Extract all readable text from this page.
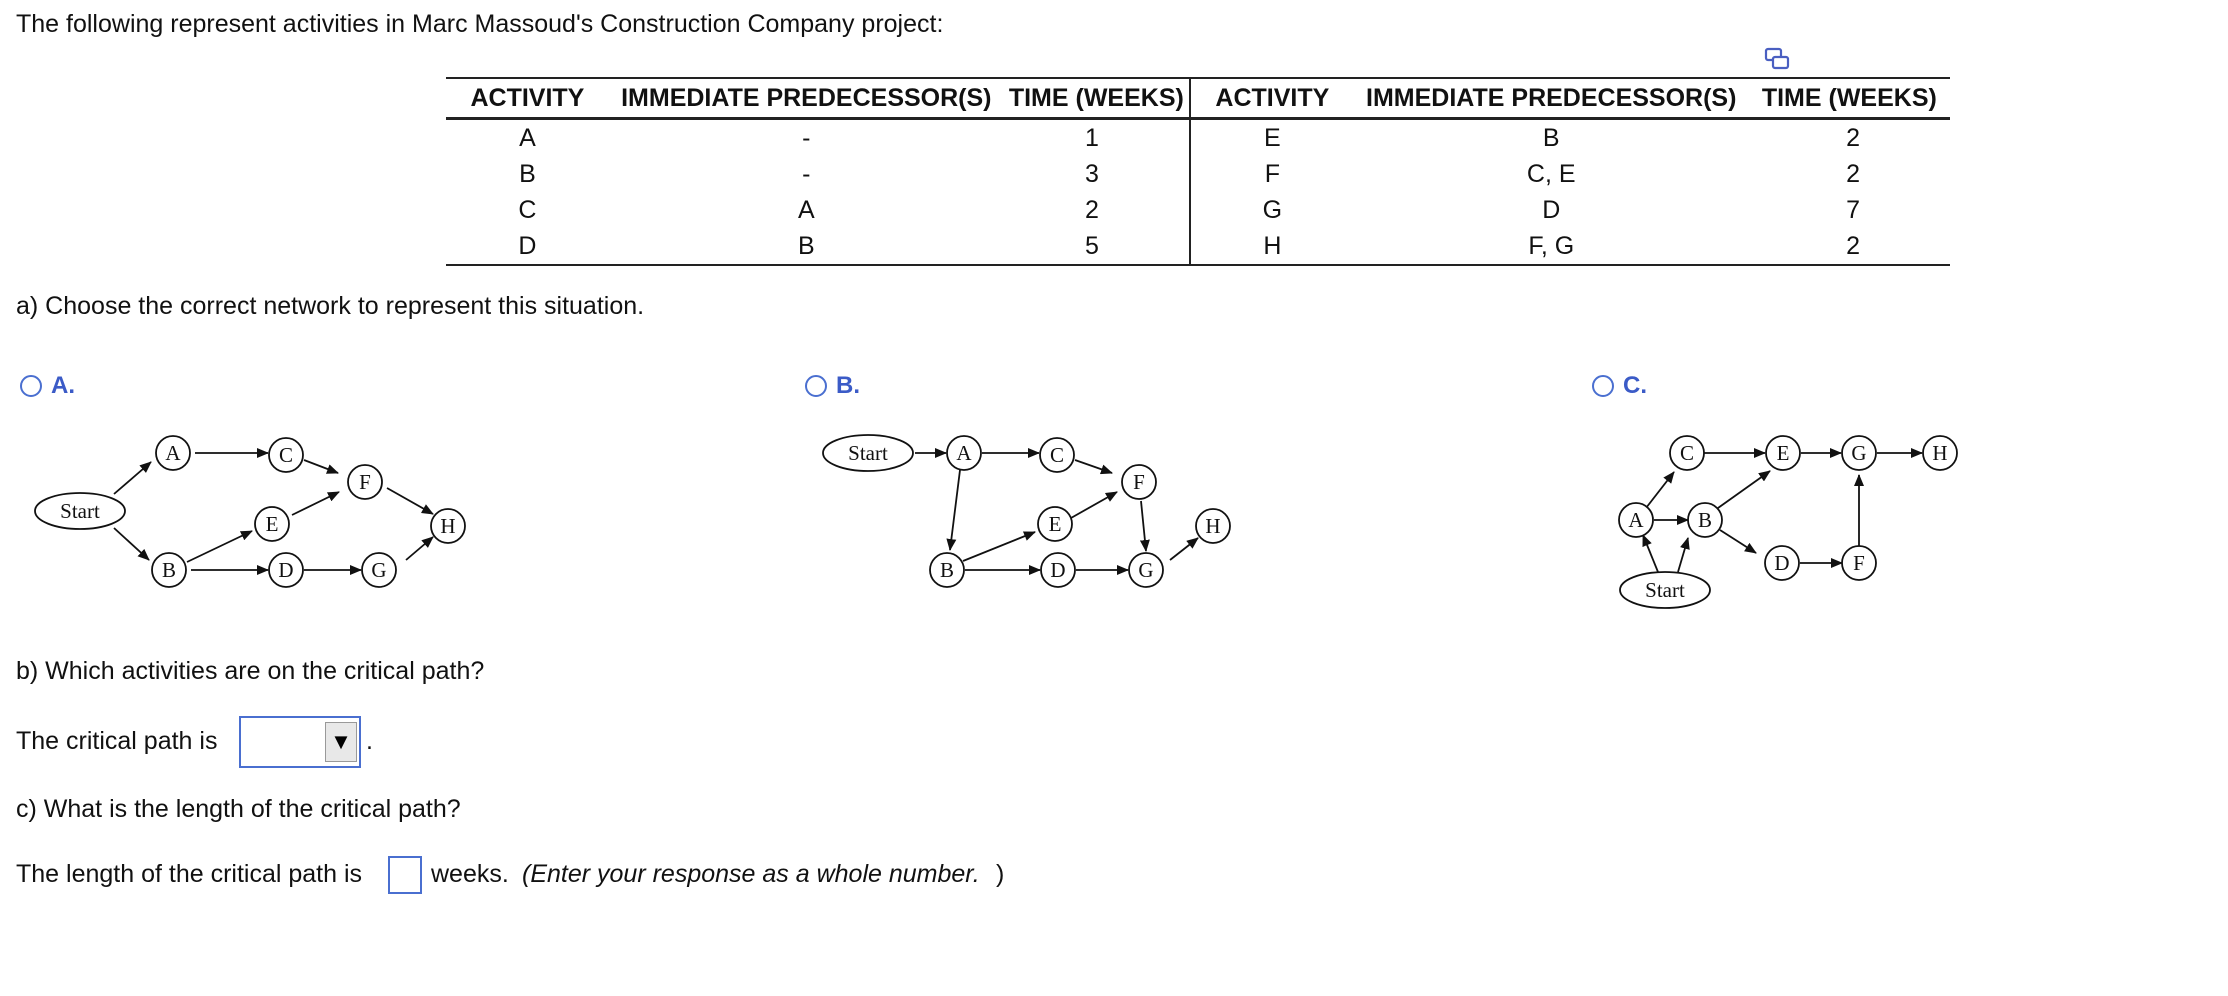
The following represent activities in Marc Massoud's Construction Company project:
ACTIVITY	IMMEDIATE PREDECESSOR(S)	TIME (WEEKS)	ACTIVITY	IMMEDIATE PREDECESSOR(S)	TIME (WEEKS)
A	-	1	E	B	2
B	-	3	F	C, E	2
C	A	2	G	D	7
D	B	5	H	F, G	2
a) Choose the correct network to represent this situation.
A.	B.	C.
Start
A	C
F
E	H
B	D	G
Start	A	C
F
E	H
B	D	G
Start
A	B
C	E	G	H
D	F
b) Which activities are on the critical path?
The critical path is	▼ .
c) What is the length of the critical path?
The length of the critical path is	weeks. (Enter your response as a whole number. )
